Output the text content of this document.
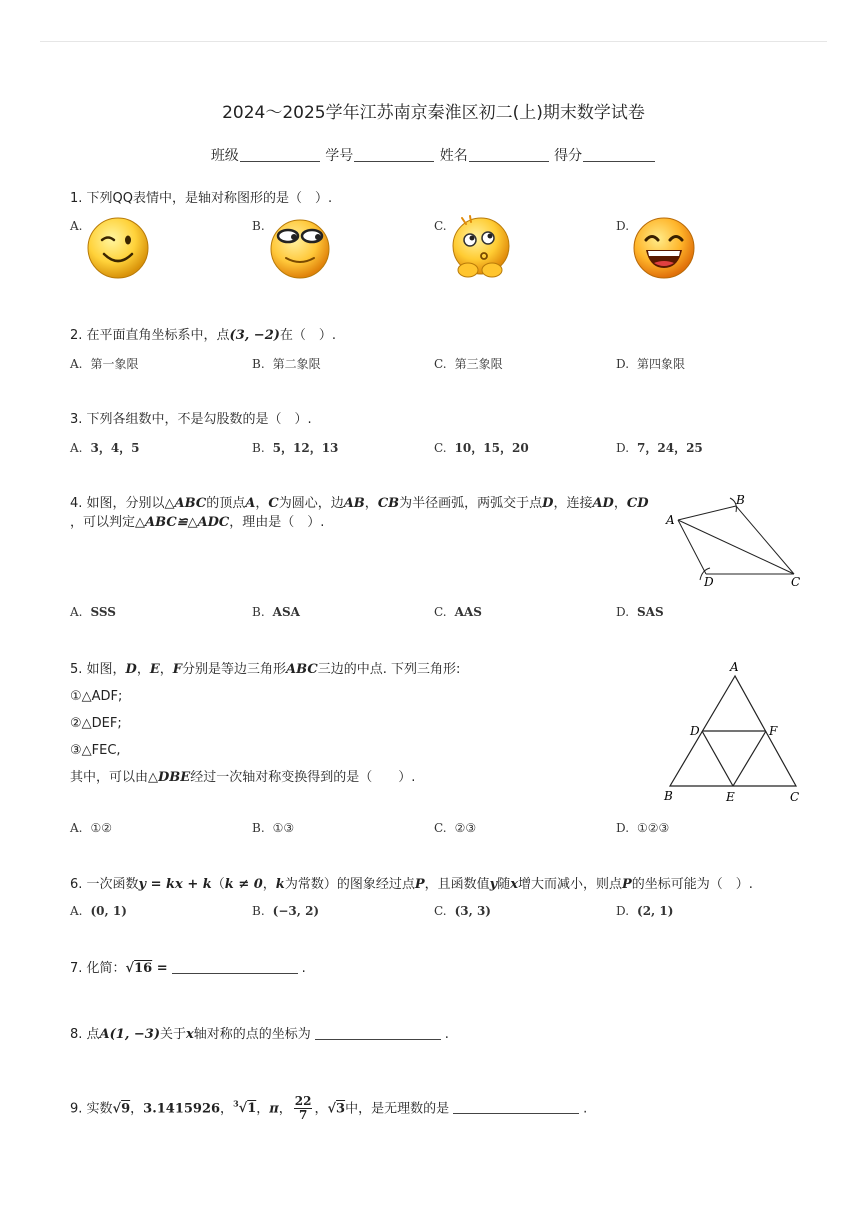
2024～2025学年江苏南京秦淮区初二(上)期末数学试卷
班级	学号	姓名	得分
1. 下列QQ表情中，是轴对称图形的是（　）.
A.	B.	C.	D.
2. 在平面直角坐标系中，点(3, −2)在（　）.
A. 第一象限	B. 第二象限	C. 第三象限	D. 第四象限
3. 下列各组数中，不是勾股数的是（　）.
A. 3，4，5	B. 5，12，13	C. 10，15，20	D. 7，24，25
4. 如图，分别以△ABC的顶点A，C为圆心，边AB，CB为半径画弧，两弧交于点D，连接AD，CD
，可以判定△ABC≌△ADC，理由是（　）.	A
B
C
D
A. SSS	B. ASA	C. AAS	D. SAS
5. 如图，D，E，F分别是等边三角形ABC三边的中点. 下列三角形:
①△ADF;
②△DEF;
③△FEC,
其中，可以由△DBE经过一次轴对称变换得到的是（　　）.
A
B	C
D
E
F
A. ①②	B. ①③	C. ②③	D. ①②③
6. 一次函数y = kx + k（k ≠ 0，k为常数）的图象经过点P，且函数值y随x增大而减小，则点P的坐标可能为（　）.
A. (0, 1)	B. (−3, 2)	C. (3, 3)	D. (2, 1)
7. 化简：√16 =	.
8. 点A(1, −3)关于x轴对称的点的坐标为	.
9. 实数√9，3.1415926，$^3$√1，π， $\frac{22}{7}$ ，√3中，是无理数的是	.
